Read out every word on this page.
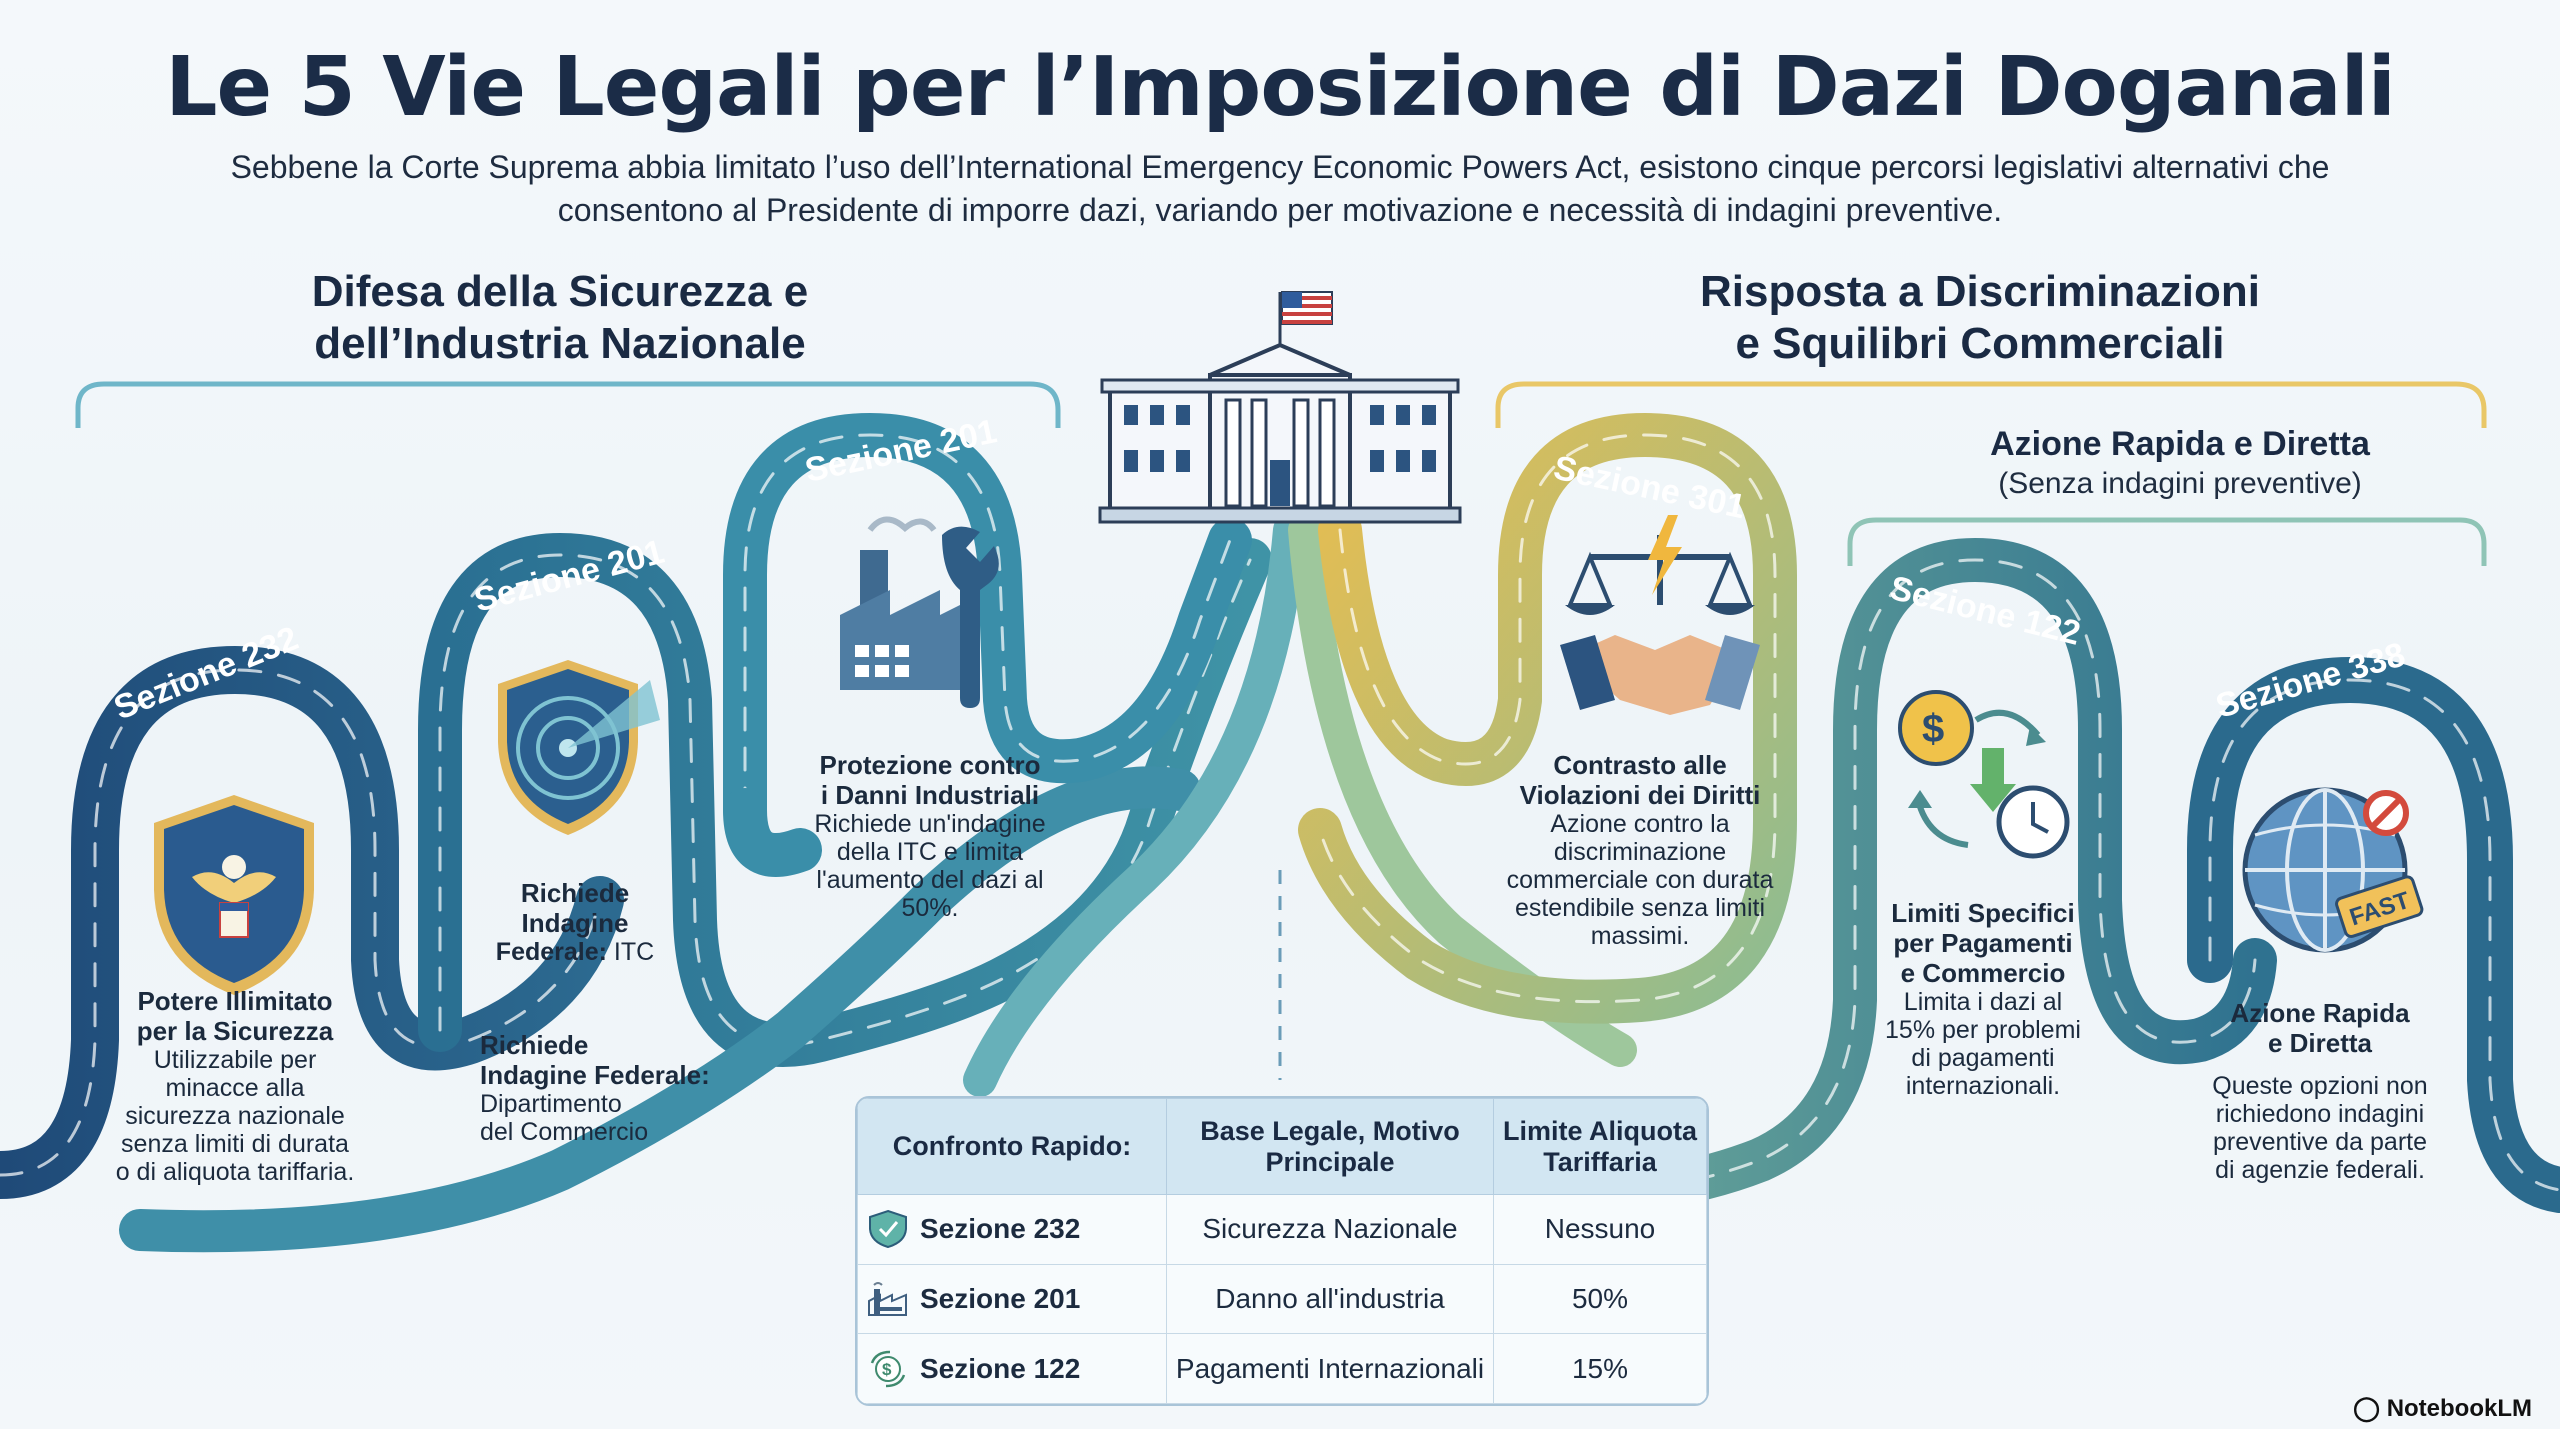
Le 5 Vie Legali per l’Imposizione di Dazi Doganali
Sebbene la Corte Suprema abbia limitato l’uso dell’International Emergency Economic Powers Act, esistono cinque percorsi legislativi alternativi che consentono al Presidente di imporre dazi, variando per motivazione e necessità di indagini preventive.
Difesa della Sicurezza e
dell’Industria Nazionale
Risposta a Discriminazioni
e Squilibri Commerciali
Azione Rapida e Diretta
(Senza indagini preventive)
Sezione 232
Sezione 201
Sezione 201	Sezione 301
Sezione 122
Sezione 338
$
FAST
Potere Illimitato
per la Sicurezza
Utilizzabile per
minacce alla
sicurezza nazionale
senza limiti di durata
o di aliquota tariffaria.
Richiede
Indagine
Federale: ITC
Richiede
Indagine Federale:
Dipartimento
del Commercio
Protezione contro
i Danni Industriali
Richiede un'indagine
della ITC e limita
l'aumento del dazi al
50%.
Contrasto alle
Violazioni dei Diritti
Azione contro la
discriminazione
commerciale con durata
estendibile senza limiti
massimi.
Limiti Specifici
per Pagamenti
e Commercio
Limita i dazi al
15% per problemi
di pagamenti
internazionali.
Azione Rapida
e Diretta
Queste opzioni non
richiedono indagini
preventive da parte
di agenzie federali.
Confronto Rapido:	Base Legale, Motivo Principale	Limite Aliquota Tariffaria
Sezione 232	Sicurezza Nazionale	Nessuno
Sezione 201	Danno all'industria	50%

$ Sezione 122	Pagamenti Internazionali	15%
◯ NotebookLM
